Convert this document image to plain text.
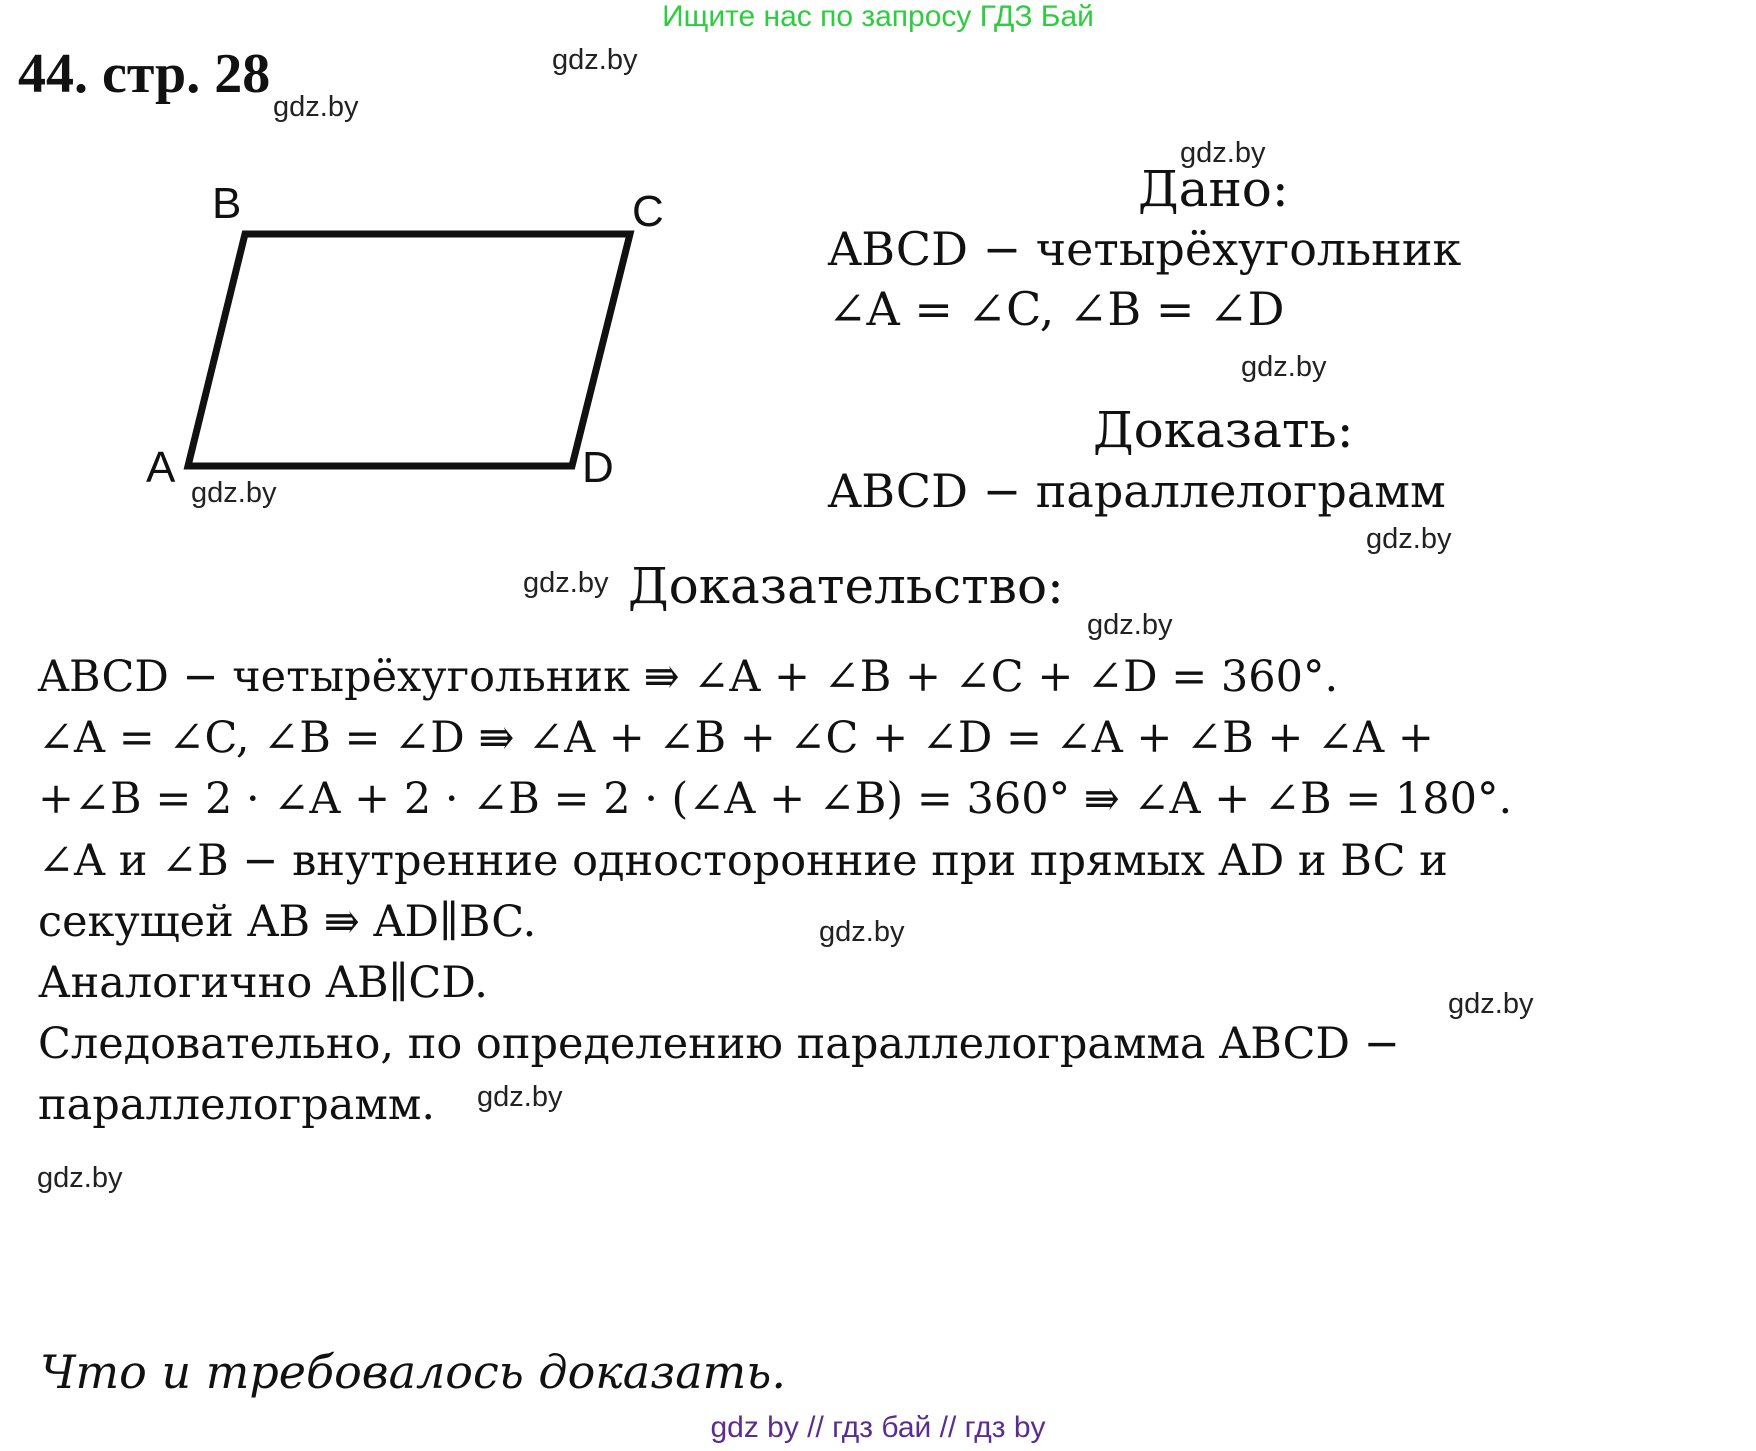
Ищите нас по запросу ГДЗ Бай
44. стр. 28	gdz.by
gdz.by
gdz.by
gdz.by
gdz.by
gdz.by
gdz.by
gdz.by
gdz.by
gdz.by
gdz.by
gdz.by
A
B	C
D
Дано:
ABCD − четырёхугольник
∠A = ∠C, ∠B = ∠D
Доказать:
ABCD − параллелограмм
Доказательство:
ABCD − четырёхугольник ⇛ ∠A + ∠B + ∠C + ∠D = 360°.
∠A = ∠C, ∠B = ∠D ⇛ ∠A + ∠B + ∠C + ∠D = ∠A + ∠B + ∠A +
+∠B = 2 · ∠A + 2 · ∠B = 2 · (∠A + ∠B) = 360° ⇛ ∠A + ∠B = 180°.
∠A и ∠B − внутренние односторонние при прямых AD и BC и
секущей AB ⇛ AD∥BC.
Аналогично AB∥CD.
Следовательно, по определению параллелограмма ABCD −
параллелограмм.
Что и требовалось доказать.
gdz by // гдз бай // гдз by
